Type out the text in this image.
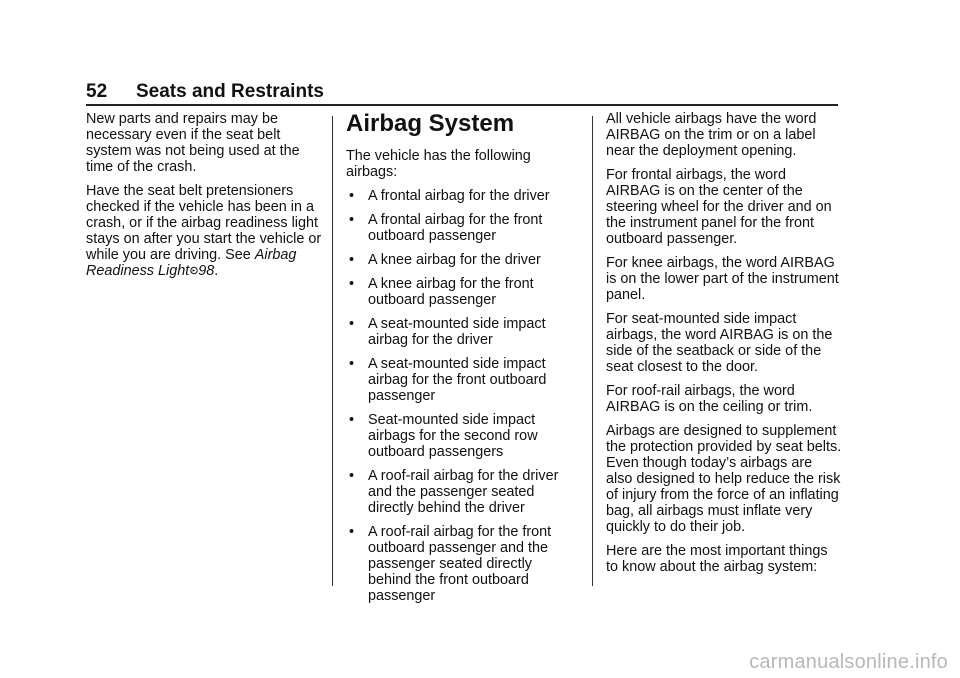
52 Seats and Restraints

New parts and repairs may be necessary even if the seat belt system was not being used at the time of the crash.

Have the seat belt pretensioners checked if the vehicle has been in a crash, or if the airbag readiness light stays on after you start the vehicle or while you are driving. See Airbag Readiness Light 98.

Airbag System

The vehicle has the following airbags:

• A frontal airbag for the driver
• A frontal airbag for the front outboard passenger
• A knee airbag for the driver
• A knee airbag for the front outboard passenger
• A seat-mounted side impact airbag for the driver
• A seat-mounted side impact airbag for the front outboard passenger
• Seat-mounted side impact airbags for the second row outboard passengers
• A roof-rail airbag for the driver and the passenger seated directly behind the driver
• A roof-rail airbag for the front outboard passenger and the passenger seated directly behind the front outboard passenger

All vehicle airbags have the word AIRBAG on the trim or on a label near the deployment opening.

For frontal airbags, the word AIRBAG is on the center of the steering wheel for the driver and on the instrument panel for the front outboard passenger.

For knee airbags, the word AIRBAG is on the lower part of the instrument panel.

For seat-mounted side impact airbags, the word AIRBAG is on the side of the seatback or side of the seat closest to the door.

For roof-rail airbags, the word AIRBAG is on the ceiling or trim.

Airbags are designed to supplement the protection provided by seat belts. Even though today’s airbags are also designed to help reduce the risk of injury from the force of an inflating bag, all airbags must inflate very quickly to do their job.

Here are the most important things to know about the airbag system:

carmanualsonline.info
